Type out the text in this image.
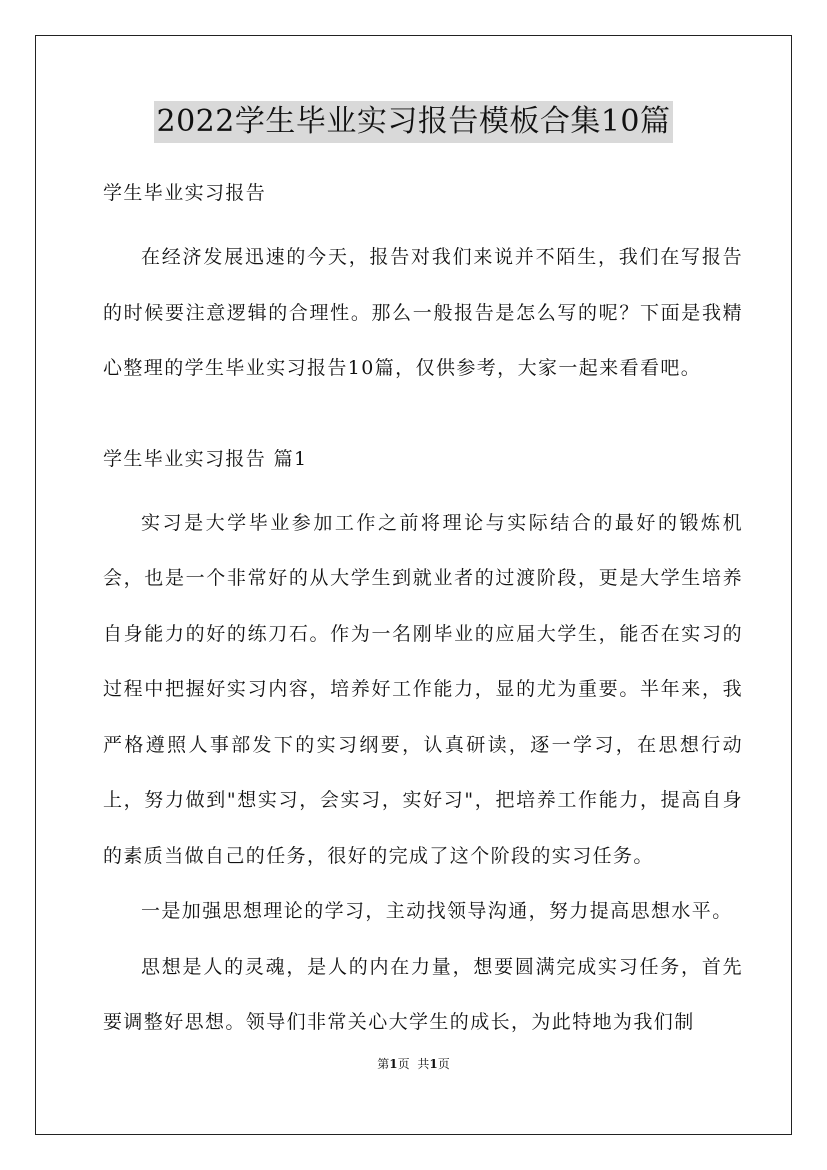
2022学生毕业实习报告模板合集10篇

学生毕业实习报告

在经济发展迅速的今天，报告对我们来说并不陌生，我们在写报告的时候要注意逻辑的合理性。那么一般报告是怎么写的呢？下面是我精心整理的学生毕业实习报告10篇，仅供参考，大家一起来看看吧。

学生毕业实习报告 篇1

实习是大学毕业参加工作之前将理论与实际结合的最好的锻炼机会，也是一个非常好的从大学生到就业者的过渡阶段，更是大学生培养自身能力的好的练刀石。作为一名刚毕业的应届大学生，能否在实习的过程中把握好实习内容，培养好工作能力，显的尤为重要。半年来，我严格遵照人事部发下的实习纲要，认真研读，逐一学习，在思想行动上，努力做到"想实习，会实习，实好习"，把培养工作能力，提高自身的素质当做自己的任务，很好的完成了这个阶段的实习任务。

一是加强思想理论的学习，主动找领导沟通，努力提高思想水平。

思想是人的灵魂，是人的内在力量，想要圆满完成实习任务，首先要调整好思想。领导们非常关心大学生的成长，为此特地为我们制

第1页 共1页
